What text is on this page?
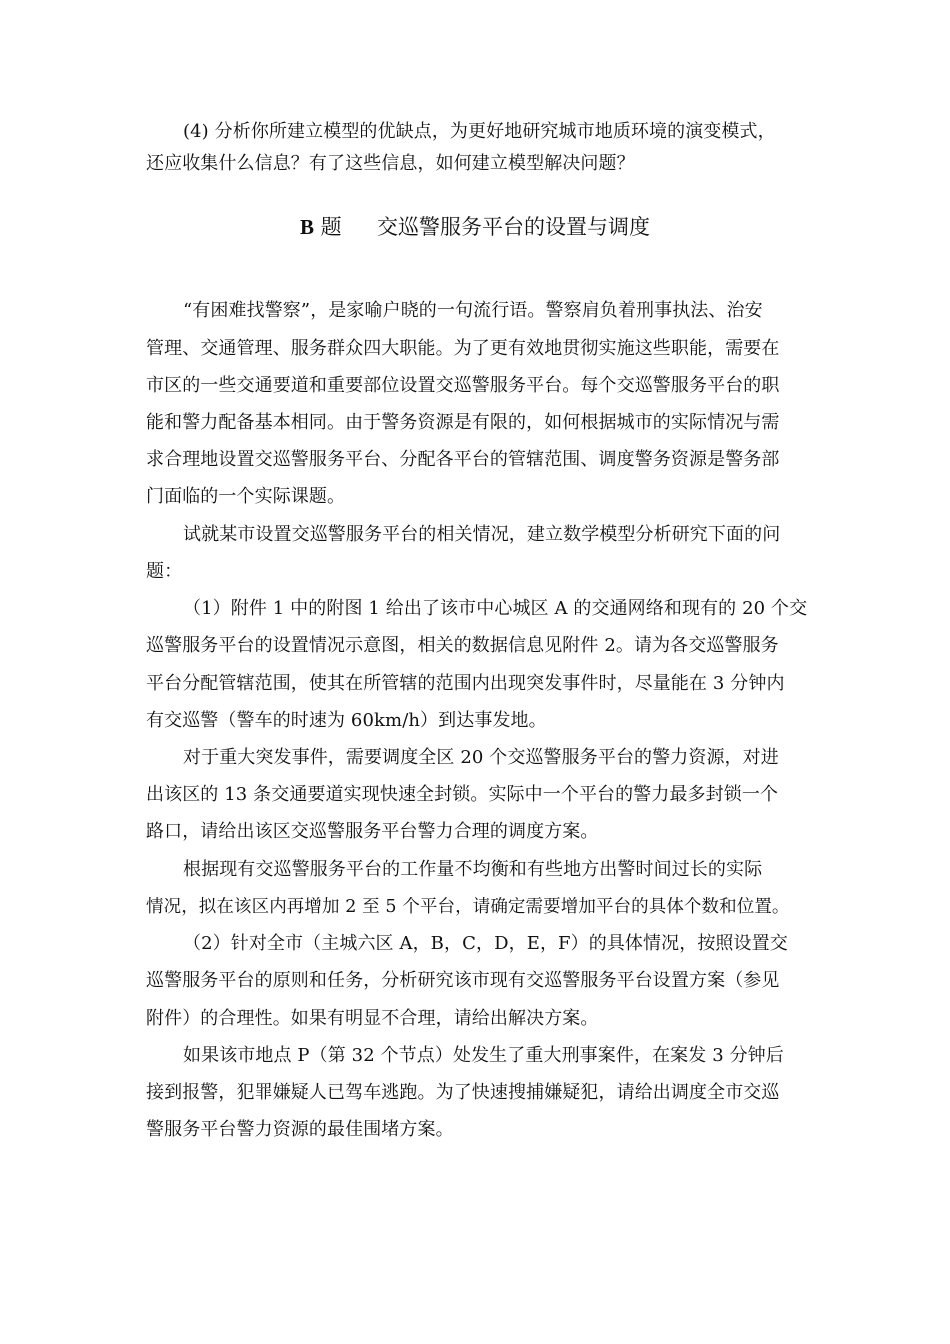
(4) 分析你所建立模型的优缺点，为更好地研究城市地质环境的演变模式，
还应收集什么信息？有了这些信息，如何建立模型解决问题？
B 题 交巡警服务平台的设置与调度
“有困难找警察”，是家喻户晓的一句流行语。警察肩负着刑事执法、治安
管理、交通管理、服务群众四大职能。为了更有效地贯彻实施这些职能，需要在
市区的一些交通要道和重要部位设置交巡警服务平台。每个交巡警服务平台的职
能和警力配备基本相同。由于警务资源是有限的，如何根据城市的实际情况与需
求合理地设置交巡警服务平台、分配各平台的管辖范围、调度警务资源是警务部
门面临的一个实际课题。
试就某市设置交巡警服务平台的相关情况，建立数学模型分析研究下面的问
题：
（1）附件 1 中的附图 1 给出了该市中心城区 A 的交通网络和现有的 20 个交
巡警服务平台的设置情况示意图，相关的数据信息见附件 2。请为各交巡警服务
平台分配管辖范围，使其在所管辖的范围内出现突发事件时，尽量能在 3 分钟内
有交巡警（警车的时速为 60km/h）到达事发地。
对于重大突发事件，需要调度全区 20 个交巡警服务平台的警力资源，对进
出该区的 13 条交通要道实现快速全封锁。实际中一个平台的警力最多封锁一个
路口，请给出该区交巡警服务平台警力合理的调度方案。
根据现有交巡警服务平台的工作量不均衡和有些地方出警时间过长的实际
情况，拟在该区内再增加 2 至 5 个平台，请确定需要增加平台的具体个数和位置。
（2）针对全市（主城六区 A，B，C，D，E，F）的具体情况，按照设置交
巡警服务平台的原则和任务，分析研究该市现有交巡警服务平台设置方案（参见
附件）的合理性。如果有明显不合理，请给出解决方案。
如果该市地点 P（第 32 个节点）处发生了重大刑事案件，在案发 3 分钟后
接到报警，犯罪嫌疑人已驾车逃跑。为了快速搜捕嫌疑犯，请给出调度全市交巡
警服务平台警力资源的最佳围堵方案。
